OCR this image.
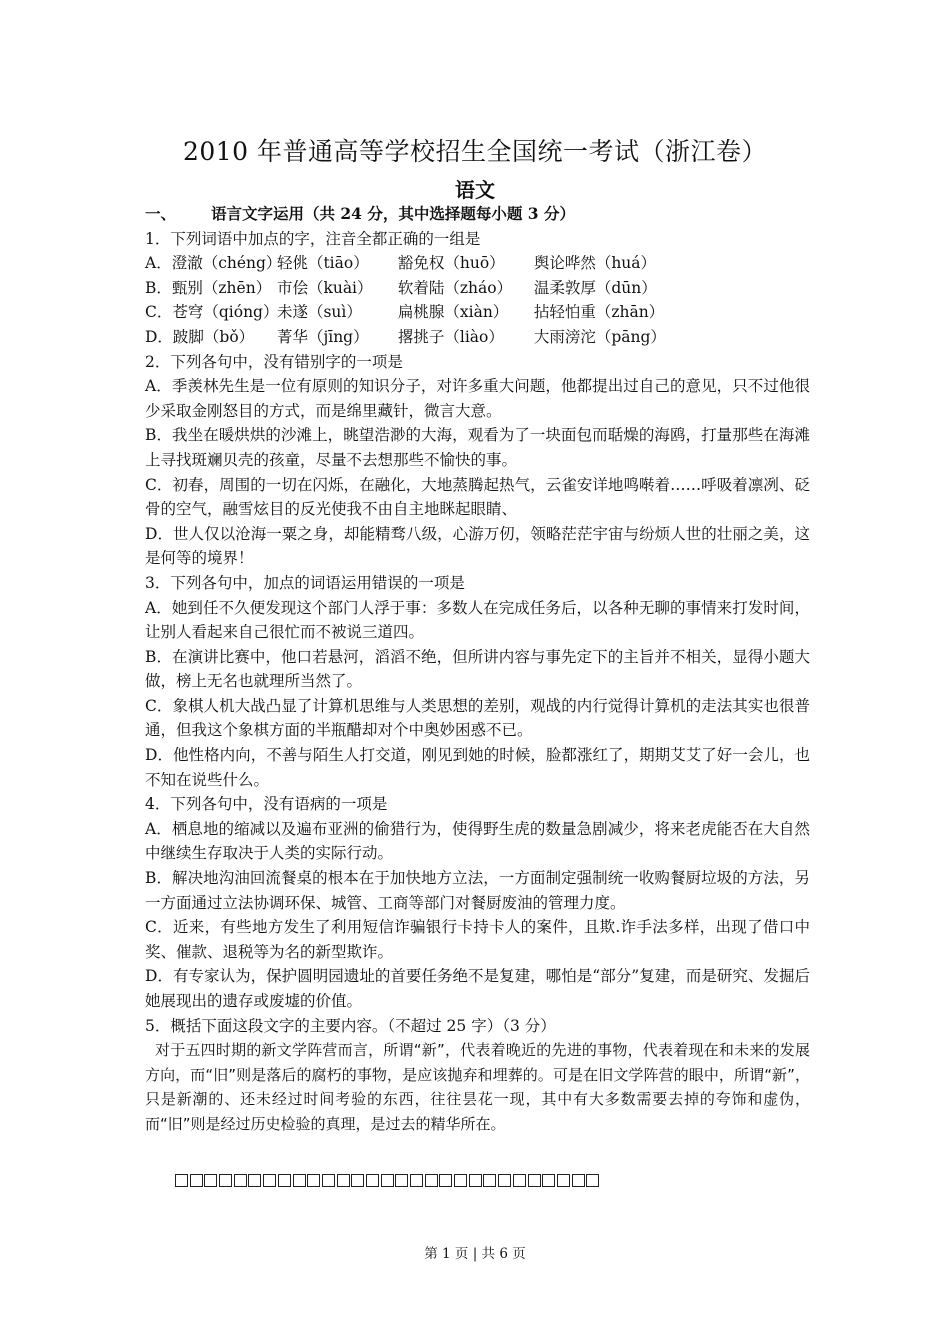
2010 年普通高等学校招生全国统一考试（浙江卷）
语文

一、 语言文字运用（共 24 分，其中选择题每小题 3 分）

1．下列词语中加点的字，注音全都正确的一组是

A．澄澈（chéng） 轻佻（tiāo） 豁免权（huō） 舆论哗然（huá）

B．甄别（zhēn） 市侩（kuài） 软着陆（zháo） 温柔敦厚（dūn）

C．苍穹（qióng） 未遂（suì） 扁桃腺（xiàn） 拈轻怕重（zhān）

D．跛脚（bǒ） 菁华（jīng） 撂挑子（liào） 大雨滂沱（pāng）

2．下列各句中，没有错别字的一项是

A．季羡林先生是一位有原则的知识分子，对许多重大问题，他都提出过自己的意见，只不过他很少采取金刚怒目的方式，而是绵里藏针，微言大意。

B．我坐在暖烘烘的沙滩上，眺望浩渺的大海，观看为了一块面包而聒燥的海鸥，打量那些在海滩上寻找斑斓贝壳的孩童，尽量不去想那些不愉快的事。

C．初春，周围的一切在闪烁，在融化，大地蒸腾起热气，云雀安详地鸣啭着……呼吸着凛冽、砭骨的空气，融雪炫目的反光使我不由自主地眯起眼睛、

D．世人仅以沧海一粟之身，却能精骛八级，心游万仞，领略茫茫宇宙与纷烦人世的壮丽之美，这是何等的境界！

3．下列各句中，加点的词语运用错误的一项是

A．她到任不久便发现这个部门人浮于事：多数人在完成任务后，以各种无聊的事情来打发时间，让别人看起来自己很忙而不被说三道四。

B．在演讲比赛中，他口若悬河，滔滔不绝，但所讲内容与事先定下的主旨并不相关，显得小题大做，榜上无名也就理所当然了。

C．象棋人机大战凸显了计算机思维与人类思想的差别，观战的内行觉得计算机的走法其实也很普通，但我这个象棋方面的半瓶醋却对个中奥妙困惑不已。

D．他性格内向，不善与陌生人打交道，刚见到她的时候，脸都涨红了，期期艾艾了好一会儿，也不知在说些什么。

4．下列各句中，没有语病的一项是

A．栖息地的缩减以及遍布亚洲的偷猎行为，使得野生虎的数量急剧减少，将来老虎能否在大自然中继续生存取决于人类的实际行动。

B．解决地沟油回流餐桌的根本在于加快地方立法，一方面制定强制统一收购餐厨垃圾的方法，另一方面通过立法协调环保、城管、工商等部门对餐厨废油的管理力度。

C．近来，有些地方发生了利用短信诈骗银行卡持卡人的案件，且欺.诈手法多样，出现了借口中奖、催款、退税等为名的新型欺诈。

D．有专家认为，保护圆明园遗址的首要任务绝不是复建，哪怕是“部分”复建，而是研究、发掘后她展现出的遗存或废墟的价值。

5．概括下面这段文字的主要内容。（不超过 25 字）（3 分）

对于五四时期的新文学阵营而言，所谓“新”，代表着晚近的先进的事物，代表着现在和未来的发展方向，而“旧”则是落后的腐朽的事物，是应该抛弃和埋葬的。可是在旧文学阵营的眼中，所谓“新”，只是新潮的、还未经过时间考验的东西，往往昙花一现，其中有大多数需要去掉的夸饰和虚伪，而“旧”则是经过历史检验的真理，是过去的精华所在。

第 1 页 | 共 6 页
